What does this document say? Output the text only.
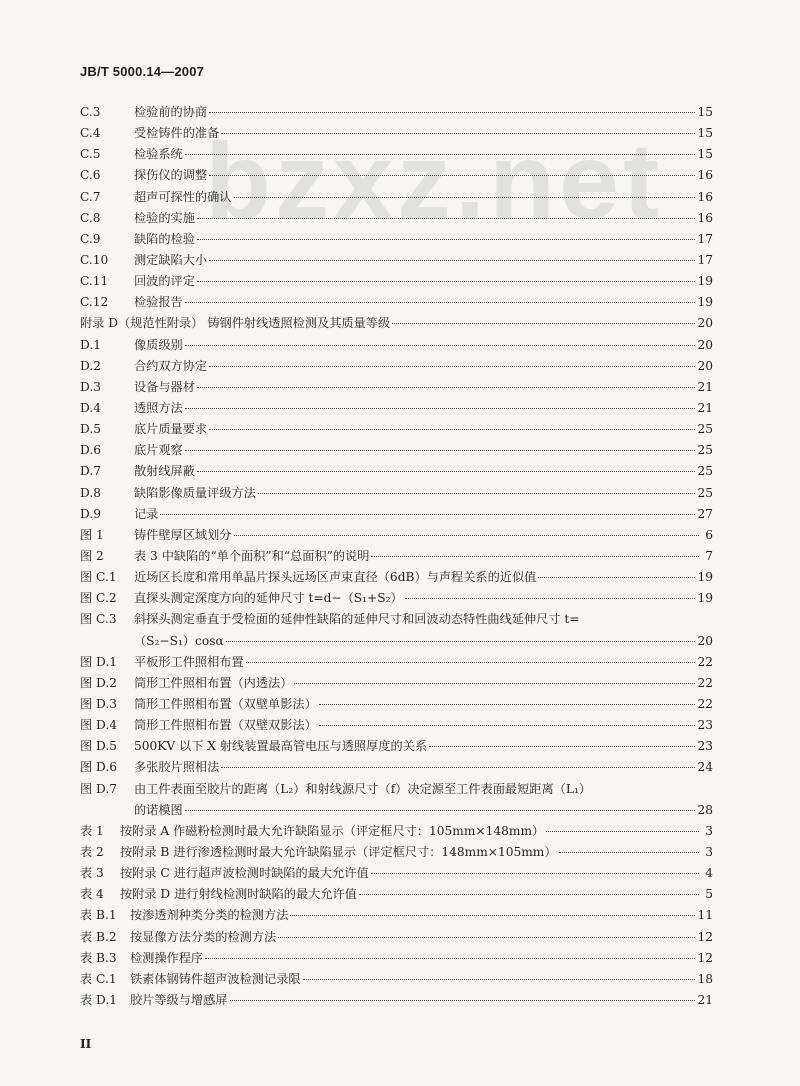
JB/T 5000.14—2007
bzxz.net
C.3	检验前的协商	15
C.4	受检铸件的准备	15
C.5	检验系统	15
C.6	探伤仪的调整	16
C.7	超声可探性的确认	16
C.8	检验的实施	16
C.9	缺陷的检验	17
C.10	测定缺陷大小	17
C.11	回波的评定	19
C.12	检验报告	19
附录 D（规范性附录） 铸钢件射线透照检测及其质量等级	20
D.1	像质级别	20
D.2	合约双方协定	20
D.3	设备与器材	21
D.4	透照方法	21
D.5	底片质量要求	25
D.6	底片观察	25
D.7	散射线屏蔽	25
D.8	缺陷影像质量评级方法	25
D.9	记录	27
图 1	铸件壁厚区域划分	6
图 2	表 3 中缺陷的“单个面积”和“总面积”的说明	7
图 C.1	近场区长度和常用单晶片探头远场区声束直径（6dB）与声程关系的近似值	19
图 C.2	直探头测定深度方向的延伸尺寸 t=d−（S₁+S₂）	19
图 C.3	斜探头测定垂直于受检面的延伸性缺陷的延伸尺寸和回波动态特性曲线延伸尺寸 t=
（S₂−S₁）cosα	20
图 D.1	平板形工件照相布置	22
图 D.2	筒形工件照相布置（内透法）	22
图 D.3	筒形工件照相布置（双壁单影法）	22
图 D.4	筒形工件照相布置（双壁双影法）	23
图 D.5	500KV 以下 X 射线装置最高管电压与透照厚度的关系	23
图 D.6	多张胶片照相法	24
图 D.7	由工件表面至胶片的距离（L₂）和射线源尺寸（f）决定源至工件表面最短距离（L₁）
的诺模图	28
表 1	按附录 A 作磁粉检测时最大允许缺陷显示（评定框尺寸：105mm×148mm）	3
表 2	按附录 B 进行渗透检测时最大允许缺陷显示（评定框尺寸：148mm×105mm）	3
表 3	按附录 C 进行超声波检测时缺陷的最大允许值	4
表 4	按附录 D 进行射线检测时缺陷的最大允许值	5
表 B.1	按渗透剂种类分类的检测方法	11
表 B.2	按显像方法分类的检测方法	12
表 B.3	检测操作程序	12
表 C.1	铁素体钢铸件超声波检测记录限	18
表 D.1	胶片等级与增感屏	21
II
